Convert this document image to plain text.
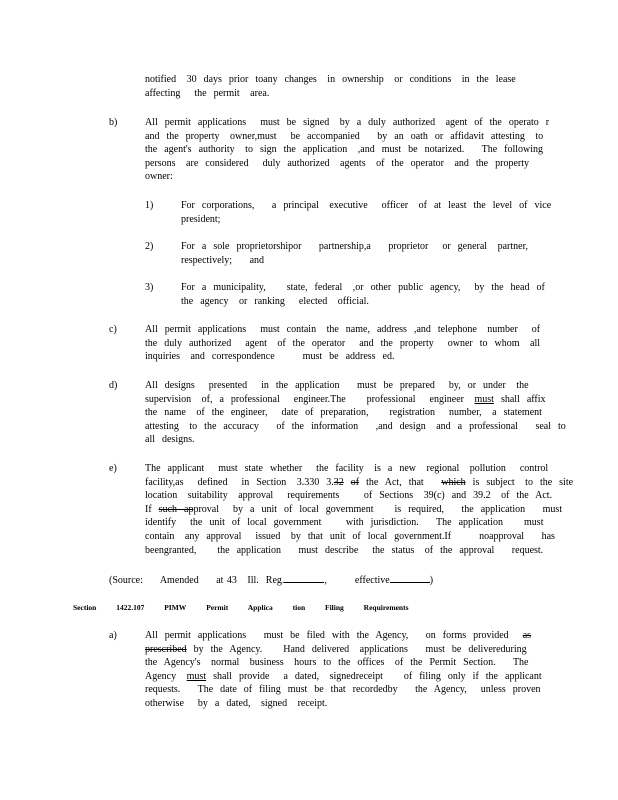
notified   30  days  prior  toany  changes   in  ownership   or  conditions   in  the  lease
affecting    the  permit   area.
b)	All  permit  applications    must  be  signed   by  a  duly  authorized   agent  of  the  operato  r
and  the  property   owner,must    be  accompanied     by  an  oath  or  affidavit  attesting   to
the  agent's  authority   to  sign  the  application   ,and  must  be  notarized.     The  following
persons   are  considered    duly  authorized   agents   of  the  operator   and  the  property
owner:
1)	For  corporations,     a  principal   executive    officer   of  at  least  the  level  of  vice
president;
2)	For  a  sole  proprietorshipor     partnership,a     proprietor    or  general   partner,
respectively;     and
3)	For  a  municipality,      state,  federal   ,or  other  public  agency,    by  the  head  of
the  agency   or  ranking    elected   official.
c)	All  permit  applications    must  contain   the  name,  address  ,and  telephone   number    of
the  duly  authorized    agent   of  the  operator    and  the  property    owner  to  whom   all
inquiries   and  correspondence        must  be  address  ed.
d)	All  designs    presented    in  the  application     must  be  prepared    by,  or  under   the
supervision   of,  a  professional    engineer.The      professional    engineer   must  shall  affix
the  name   of  the  engineer,    date  of  preparation,      registration    number,   a  statement
attesting   to  the  accuracy     of  the  information     ,and  design   and  a  professional     seal  to
all  designs.
e)	The  applicant    must  state  whether    the  facility   is  a  new   regional   pollution    control
facility,as    defined    in  Section   3.330  3.32 of  the  Act,  that     which  is  subject   to  the  site
location   suitability   approval    requirements       of  Sections   39(c)  and  39.2   of  the  Act.
If  such  approval    by  a  unit  of  local  government      is  required,     the  application     must
identify    the  unit  of  local  government       with  jurisdiction.     The  application      must
contain   any  approval    issued   by  that  unit  of  local  government.If        noapproval     has
beengranted,      the  application     must  describe    the  status   of  the  approval     request.
(Source:     Amended     at 43   Ill.  Reg.	,        effective	)
Section	1422.107	PIMW	Permit	Applica	tion	Filing	Requirements
a)	All  permit  applications     must  be  filed  with  the  Agency,     on  forms  provided    as
prescribed  by  the  Agency.      Hand  delivered   applications     must  be  delivereduring
the  Agency's   normal   business   hours  to  the  offices   of  the  Permit  Section.     The
Agency   must  shall  provide    a  dated,   signedreceipt      of  filing  only  if  the  applicant
requests.     The  date  of  filing  must  be  that  recordedby     the  Agency,    unless  proven
otherwise    by  a  dated,   signed   receipt.
